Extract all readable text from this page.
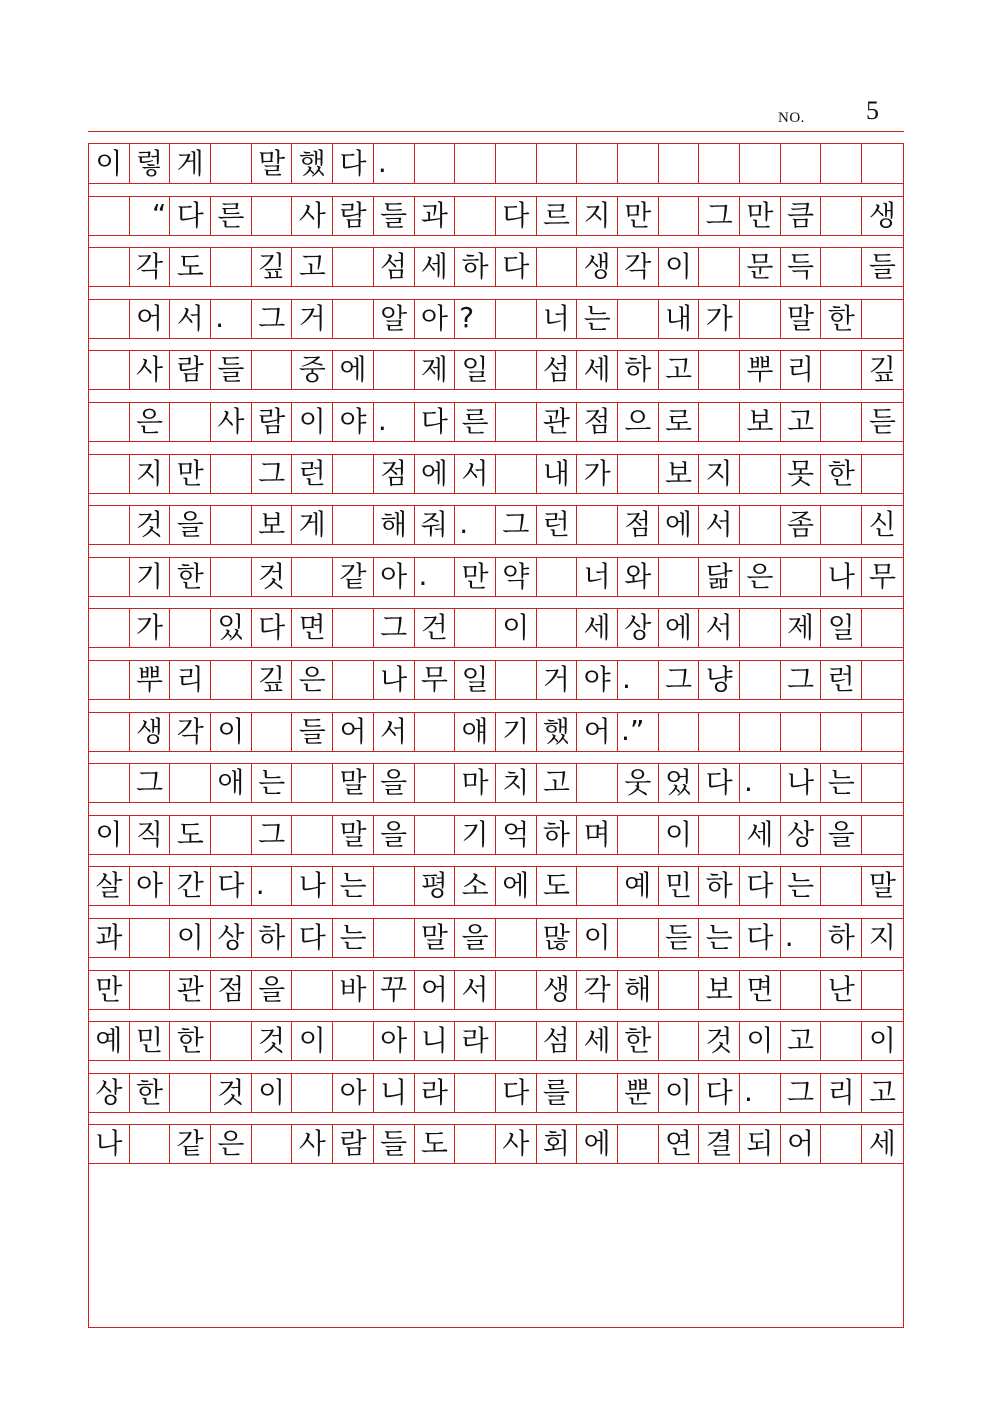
NO. 5
이 렇 게 말 했 다 .
“ 다 른 사 람 들 과 다 르 지 만 그 만 큼 생
각 도 깊 고 섬 세 하 다 생 각 이 문 득 들
어 서 .	그 거 알 아 ?	너 는 내 가 말 한
사 람 들 중 에 제 일 섬 세 하 고 뿌 리 깊
은 사 람 이 야 .	다 른 관 점 으 로 보 고 듣
지 만 그 런 점 에 서 내 가 보 지 못 한
것 을 보 게 해 줘 .	그 런 점 에 서 좀 신
기 한 것 같 아 .	만 약 너 와 닮 은 나 무
가 있 다 면 그 건 이 세 상 에 서 제 일
뿌 리 깊 은 나 무 일 거 야 .	그 냥 그 런
생 각 이 들 어 서 얘 기 했 어 .”
그 애 는 말 을 마 치 고 웃 었 다 .	나 는
이 직 도 그 말 을 기 억 하 며 이 세 상 을
살 아 간 다 .	나 는 평 소 에 도 예 민 하 다 는 말
과 이 상 하 다 는 말 을 많 이 듣 는 다 .	하 지
만 관 점 을 바 꾸 어 서 생 각 해 보 면 난
예 민 한 것 이 아 니 라 섬 세 한 것 이 고 이
상 한 것 이 아 니 라 다 를 뿐 이 다 .	그 리 고
나 같 은 사 람 들 도 사 회 에 연 결 되 어 세
